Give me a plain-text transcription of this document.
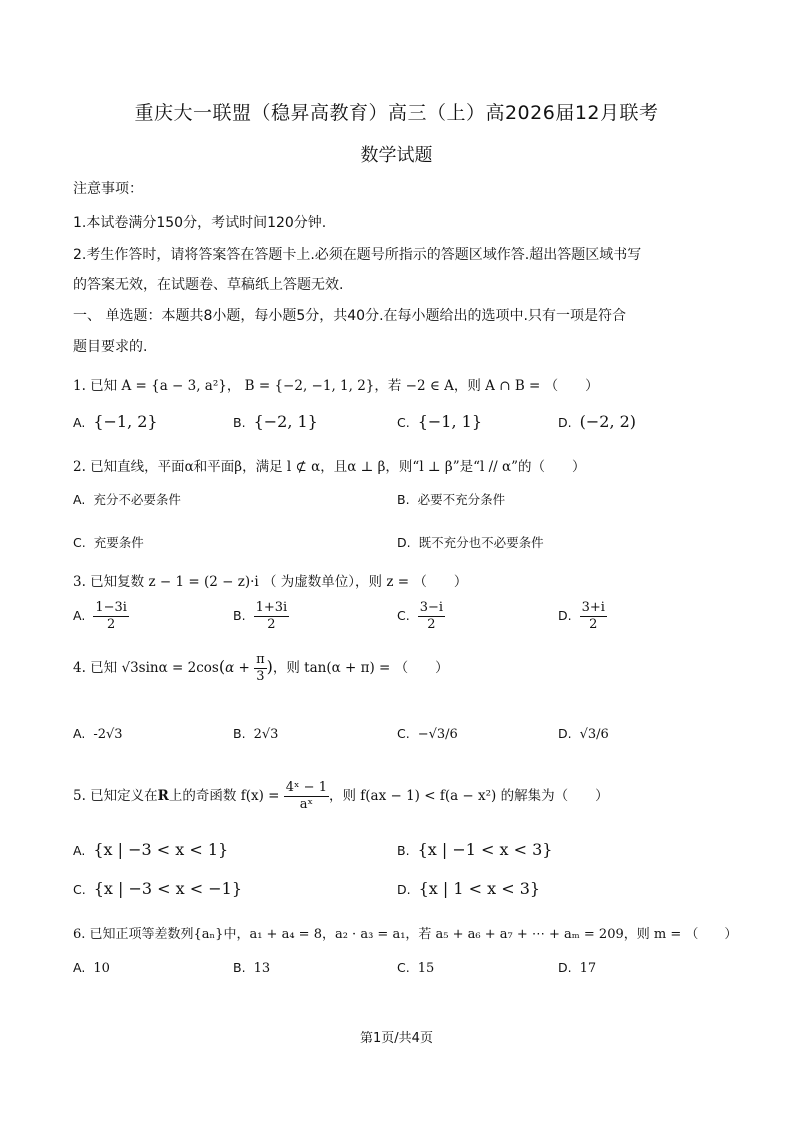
重庆大一联盟（稳昇高教育）高三（上）高2026届12月联考
数学试题
注意事项：
1.本试卷满分150分，考试时间120分钟.
2.考生作答时，请将答案答在答题卡上.必须在题号所指示的答题区域作答.超出答题区域书写
的答案无效，在试题卷、草稿纸上答题无效.
一、 单选题：本题共8小题，每小题5分，共40分.在每小题给出的选项中.只有一项是符合
题目要求的.
1. 已知 A = {a − 3, a²}， B = {−2, −1, 1, 2}，若 −2 ∈ A，则 A ∩ B = （　　）
A. {−1, 2}	B. {−2, 1}	C. {−1, 1}	D. (−2, 2)
2. 已知直线，平面α和平面β，满足 l ⊄ α，且α ⊥ β，则“l ⊥ β”是“l // α”的（　　）
A. 充分不必要条件	B. 必要不充分条件
C. 充要条件	D. 既不充分也不必要条件
3. 已知复数 z − 1 = (2 − z)·i （ 为虚数单位），则 z = （　　）
A. $\frac{1-3i}{2}$	B. $\frac{1+3i}{2}$	C. $\frac{3-i}{2}$	D. $\frac{3+i}{2}$
4. 已知 $√3\sin\alpha = 2\cos(\alpha + \frac{\pi}{3}$ )，则 tan(α + π) = （　　）
A. -2√3	B. 2√3	C. −√3/6	D. √3/6
5. 已知定义在R上的奇函数 $f(x) = \frac{\text{4ˣ − 1}}{\text{aˣ}}$ ，则 f(ax − 1) < f(a − x²) 的解集为（　　）
A. {x | −3 < x < 1}	B. {x | −1 < x < 3}
C. {x | −3 < x < −1}	D. {x | 1 < x < 3}
6. 已知正项等差数列{aₙ}中，a₁ + a₄ = 8，a₂ · a₃ = a₁，若 a₅ + a₆ + a₇ + ⋯ + aₘ = 209，则 m = （　　）
A. 10	B. 13	C. 15	D. 17
第1页/共4页
